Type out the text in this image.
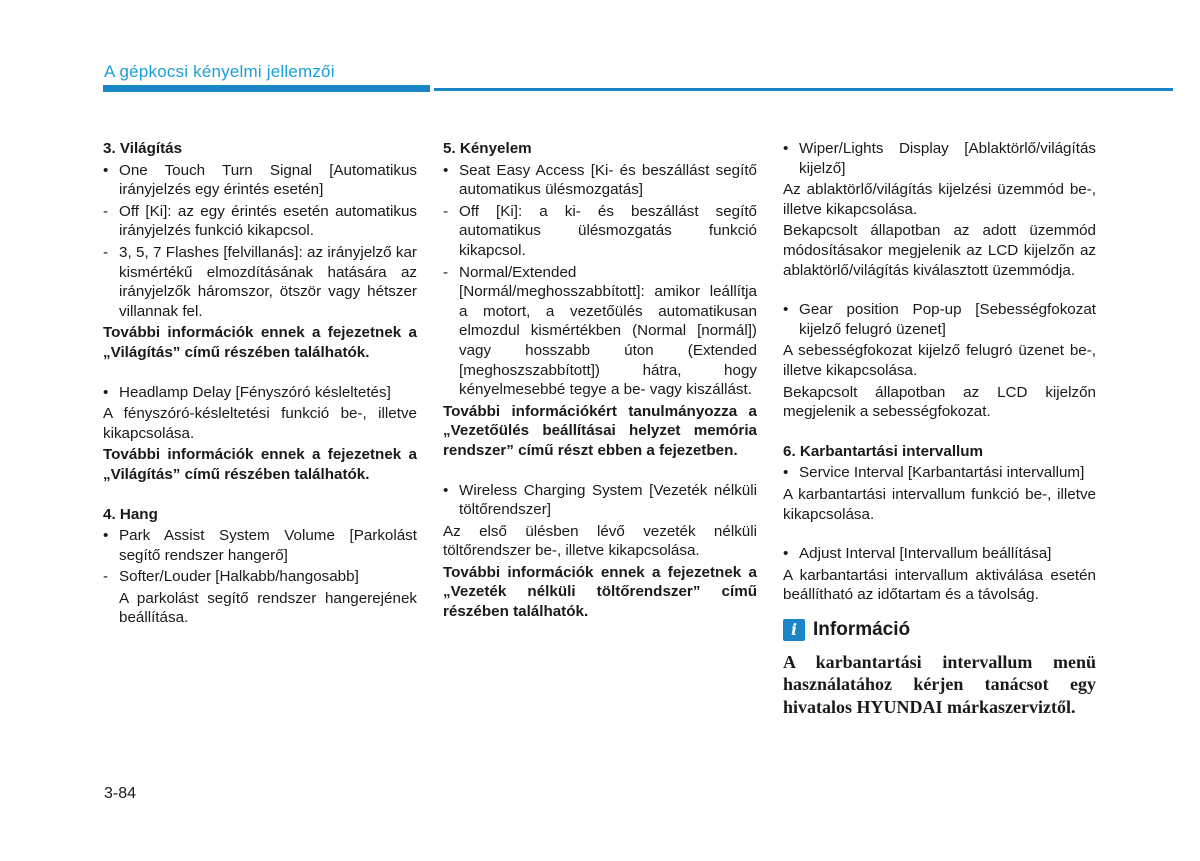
A gépkocsi kényelmi jellemzői

3. Világítás

• One Touch Turn Signal [Automatikus irányjelzés egy érintés esetén]

- Off [Ki]: az egy érintés esetén automatikus irányjelzés funkció kikapcsol.

- 3, 5, 7 Flashes [felvillanás]: az irányjelző kar kismértékű elmozdításának hatására az irányjelzők háromszor, ötször vagy hétszer villannak fel.

További információk ennek a fejezetnek a „Világítás” című részében találhatók.

• Headlamp Delay [Fényszóró késleltetés]

A fényszóró-késleltetési funkció be-, illetve kikapcsolása.

További információk ennek a fejezetnek a „Világítás” című részében találhatók.

4. Hang

• Park Assist System Volume [Parkolást segítő rendszer hangerő]

- Softer/Louder [Halkabb/hangosabb]

A parkolást segítő rendszer hangerejének beállítása.

5. Kényelem

• Seat Easy Access [Ki- és beszállást segítő automatikus ülésmozgatás]

- Off [Ki]: a ki- és beszállást segítő automatikus ülésmozgatás funkció kikapcsol.

- Normal/Extended [Normál/meghosszabbított]: amikor leállítja a motort, a vezetőülés automatikusan elmozdul kismértékben (Normal [normál]) vagy hosszabb úton (Extended [meghoszszabbított]) hátra, hogy kényelmesebbé tegye a be- vagy kiszállást.

További információkért tanulmányozza a „Vezetőülés beállításai helyzet memória rendszer” című részt ebben a fejezetben.

• Wireless Charging System [Vezeték nélküli töltőrendszer]

Az első ülésben lévő vezeték nélküli töltőrendszer be-, illetve kikapcsolása.

További információk ennek a fejezetnek a „Vezeték nélküli töltőrendszer” című részében találhatók.

• Wiper/Lights Display [Ablaktörlő/világítás kijelző]

Az ablaktörlő/világítás kijelzési üzemmód be-, illetve kikapcsolása.

Bekapcsolt állapotban az adott üzemmód módosításakor megjelenik az LCD kijelzőn az ablaktörlő/világítás kiválasztott üzemmódja.

• Gear position Pop-up [Sebességfokozat kijelző felugró üzenet]

A sebességfokozat kijelző felugró üzenet be-, illetve kikapcsolása.

Bekapcsolt állapotban az LCD kijelzőn megjelenik a sebességfokozat.

6. Karbantartási intervallum

• Service Interval [Karbantartási intervallum]

A karbantartási intervallum funkció be-, illetve kikapcsolása.

• Adjust Interval [Intervallum beállítása]

A karbantartási intervallum aktiválása esetén beállítható az időtartam és a távolság.

i Információ

A karbantartási intervallum menü használatához kérjen tanácsot egy hivatalos HYUNDAI márkaszerviztől.

3-84
